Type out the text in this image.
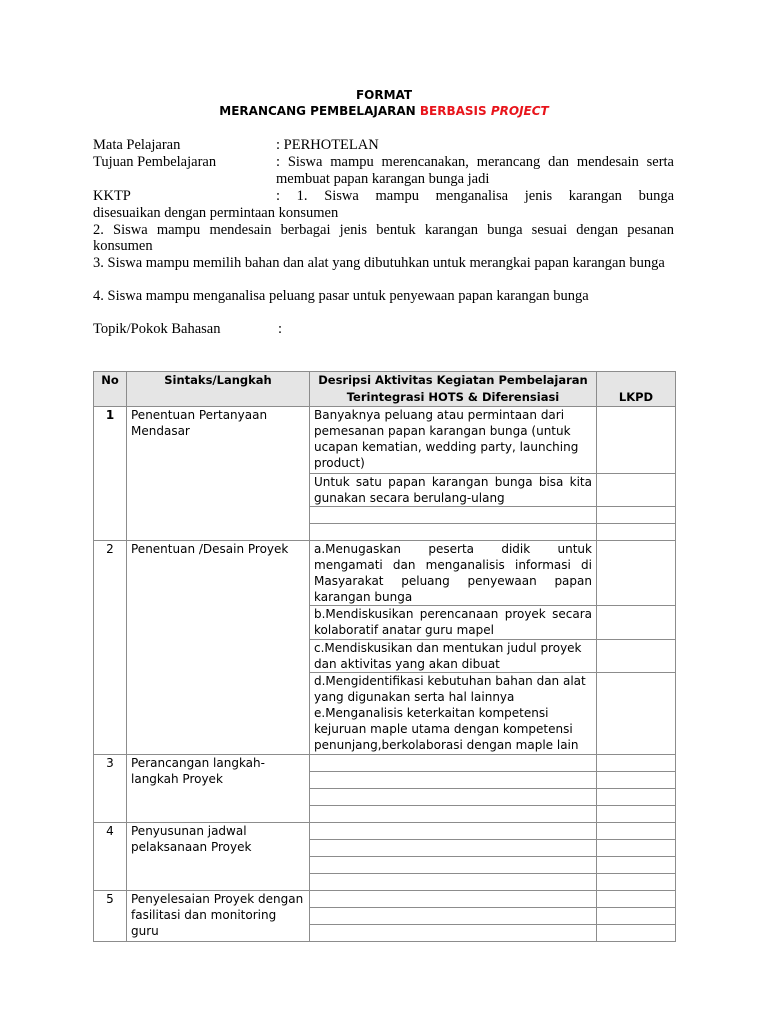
FORMAT
MERANCANG PEMBELAJARAN BERBASIS PROJECT
Mata Pelajaran	: PERHOTELAN
Tujuan Pembelajaran	: Siswa mampu merencanakan, merancang dan mendesain serta
membuat papan karangan bunga jadi
KKTP	: 1. Siswa mampu menganalisa jenis karangan bunga
disesuaikan dengan permintaan konsumen
2. Siswa mampu mendesain berbagai jenis bentuk karangan bunga sesuai dengan pesanan konsumen
3. Siswa mampu memilih bahan dan alat yang dibutuhkan untuk merangkai papan karangan bunga
4. Siswa mampu menganalisa peluang pasar untuk penyewaan papan karangan bunga
Topik/Pokok Bahasan	:
No	Sintaks/Langkah	Desripsi Aktivitas Kegiatan Pembelajaran Terintegrasi HOTS & Diferensiasi	LKPD
1	Penentuan Pertanyaan Mendasar	Banyaknya peluang atau permintaan dari pemesanan papan karangan bunga (untuk ucapan kematian, wedding party, launching product)	
		Untuk satu papan karangan bunga bisa kita gunakan secara berulang-ulang	

2	Penentuan /Desain Proyek	a.Menugaskan peserta didik untuk mengamati dan menganalisis informasi di Masyarakat peluang penyewaan papan karangan bunga	
		b.Mendiskusikan perencanaan proyek secara kolaboratif anatar guru mapel	
		c.Mendiskusikan dan mentukan judul proyek dan aktivitas yang akan dibuat	

		d.Mengidentifikasi kebutuhan bahan dan alat yang digunakan serta hal lainnya
e.Menganalisis keterkaitan kompetensi kejuruan maple utama dengan kompetensi penunjang,berkolaborasi dengan maple lain	

3	Perancangan langkah-langkah Proyek		

4	Penyusunan jadwal pelaksanaan Proyek		

5	Penyelesaian Proyek dengan fasilitasi dan monitoring guru		
